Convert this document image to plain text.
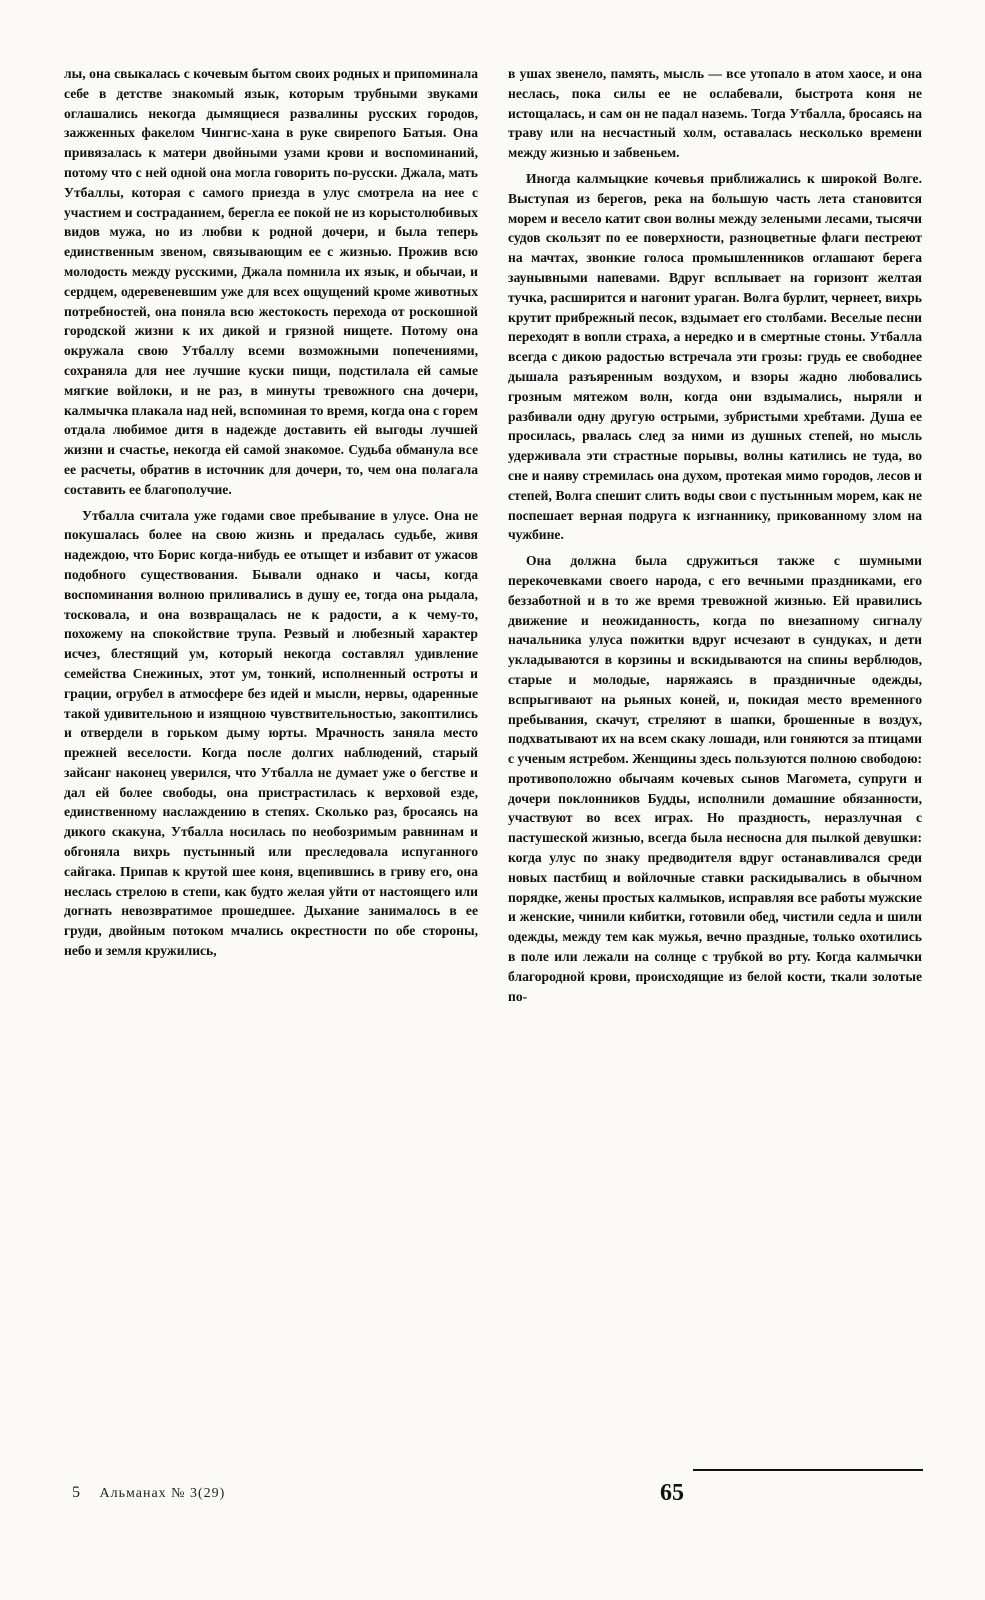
лы, она свыкалась с кочевым бытом своих родных и припоминала себе в детстве знакомый язык, которым трубными звуками оглашались некогда дымящиеся развалины русских городов, зажженных факелом Чингис-хана в руке свирепого Батыя. Она привязалась к матери двойными узами крови и воспоминаний, потому что с ней одной она могла говорить по-русски. Джала, мать Утбаллы, которая с самого приезда в улус смотрела на нее с участием и состраданием, берегла ее покой не из корыстолюбивых видов мужа, но из любви к родной дочери, и была теперь единственным звеном, связывающим ее с жизнью. Прожив всю молодость между русскими, Джала помнила их язык, и обычаи, и сердцем, одеревеневшим уже для всех ощущений кроме животных потребностей, она поняла всю жестокость перехода от роскошной городской жизни к их дикой и грязной нищете. Потому она окружала свою Утбаллу всеми возможными попечениями, сохраняла для нее лучшие куски пищи, подстилала ей самые мягкие войлоки, и не раз, в минуты тревожного сна дочери, калмычка плакала над ней, вспоминая то время, когда она с горем отдала любимое дитя в надежде доставить ей выгоды лучшей жизни и счастье, некогда ей самой знакомое. Судьба обманула все ее расчеты, обратив в источник для дочери, то, чем она полагала составить ее благополучие.

Утбалла считала уже годами свое пребывание в улусе. Она не покушалась более на свою жизнь и предалась судьбе, живя надеждою, что Борис когда-нибудь ее отыщет и избавит от ужасов подобного существования. Бывали однако и часы, когда воспоминания волною приливались в душу ее, тогда она рыдала, тосковала, и она возвращалась не к радости, а к чему-то, похожему на спокойствие трупа. Резвый и любезный характер исчез, блестящий ум, который некогда составлял удивление семейства Снежиных, этот ум, тонкий, исполненный остроты и грации, огрубел в атмосфере без идей и мысли, нервы, одаренные такой удивительною и изящною чувствительностью, закоптились и отвердели в горьком дыму юрты. Мрачность заняла место прежней веселости. Когда после долгих наблюдений, старый зайсанг наконец уверился, что Утбалла не думает уже о бегстве и дал ей более свободы, она пристрастилась к верховой езде, единственному наслаждению в степях. Сколько раз, бросаясь на дикого скакуна, Утбалла носилась по необозримым равнинам и обгоняла вихрь пустынный или преследовала испуганного сайгака. Припав к крутой шее коня, вцепившись в гриву его, она неслась стрелою в степи, как будто желая уйти от настоящего или догнать невозвратимое прошедшее. Дыхание занималось в ее груди, двойным потоком мчались окрестности по обе стороны, небо и земля кружились,

в ушах звенело, память, мысль — все утопало в атом хаосе, и она неслась, пока силы ее не ослабевали, быстрота коня не истощалась, и сам он не падал наземь. Тогда Утбалла, бросаясь на траву или на несчастный холм, оставалась несколько времени между жизнью и забвеньем.

Иногда калмыцкие кочевья приближались к широкой Волге. Выступая из берегов, река на большую часть лета становится морем и весело катит свои волны между зелеными лесами, тысячи судов скользят по ее поверхности, разноцветные флаги пестреют на мачтах, звонкие голоса промышленников оглашают берега заунывными напевами. Вдруг всплывает на горизонт желтая тучка, расширится и нагонит ураган. Волга бурлит, чернеет, вихрь крутит прибрежный песок, вздымает его столбами. Веселые песни переходят в вопли страха, а нередко и в смертные стоны. Утбалла всегда с дикою радостью встречала эти грозы: грудь ее свободнее дышала разъяренным воздухом, и взоры жадно любовались грозным мятежом волн, когда они вздымались, ныряли и разбивали одну другую острыми, зубристыми хребтами. Душа ее просилась, рвалась след за ними из душных степей, но мысль удерживала эти страстные порывы, волны катились не туда, во сне и наяву стремилась она духом, протекая мимо городов, лесов и степей, Волга спешит слить воды свои с пустынным морем, как не поспешает верная подруга к изгнаннику, прикованному злом на чужбине.

Она должна была сдружиться также с шумными перекочевками своего народа, с его вечными праздниками, его беззаботной и в то же время тревожной жизнью. Ей нравились движение и неожиданность, когда по внезапному сигналу начальника улуса пожитки вдруг исчезают в сундуках, и дети укладываются в корзины и вскидываются на спины верблюдов, старые и молодые, наряжаясь в праздничные одежды, вспрыгивают на рьяных коней, и, покидая место временного пребывания, скачут, стреляют в шапки, брошенные в воздух, подхватывают их на всем скаку лошади, или гоняются за птицами с ученым ястребом. Женщины здесь пользуются полною свободою: противоположно обычаям кочевых сынов Магомета, супруги и дочери поклонников Будды, исполнили домашние обязанности, участвуют во всех играх. Но праздность, неразлучная с пастушеской жизнью, всегда была несносна для пылкой девушки: когда улус по знаку предводителя вдруг останавливался среди новых пастбищ и войлочные ставки раскидывались в обычном порядке, жены простых калмыков, исправляя все работы мужские и женские, чинили кибитки, готовили обед, чистили седла и шили одежды, между тем как мужья, вечно праздные, только охотились в поле или лежали на солнце с трубкой во рту. Когда калмычки благородной крови, происходящие из белой кости, ткали золотые по-

5 Альманах № 3(29)	65
